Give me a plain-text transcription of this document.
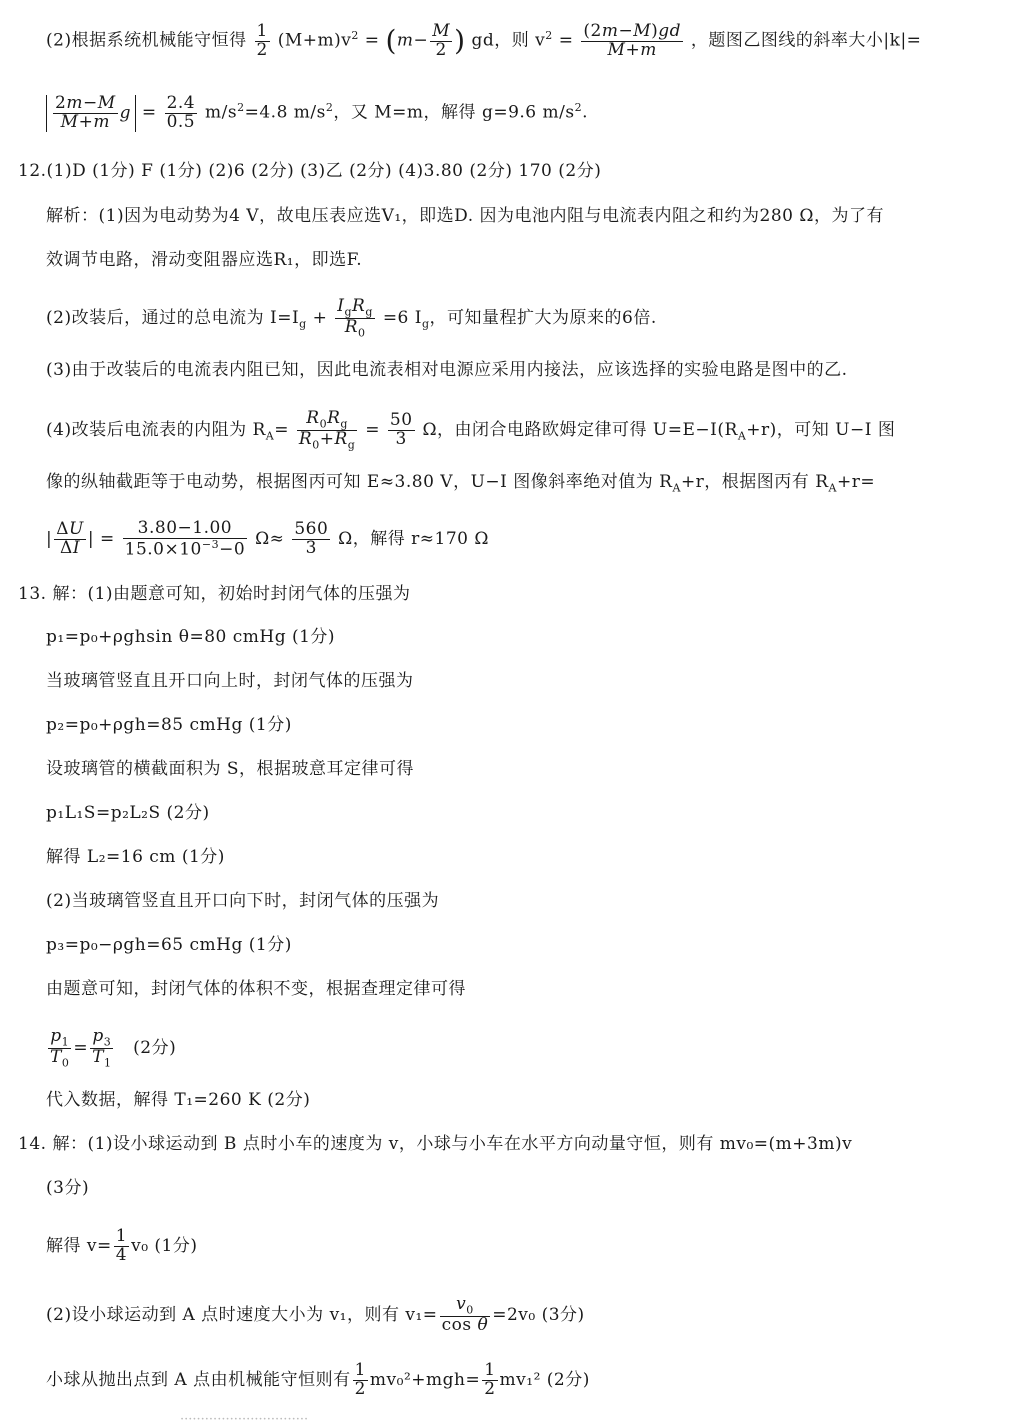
(2)根据系统机械能守恒得 $\frac{1}{2} (M+m)v^2 = (m- \frac{M}{2}$ ) gd，则 $v^2 = \frac{(2m-M)gd}{M+m}$ ，题图乙图线的斜率大小|k|=
$\frac{2m-M}{M+m}$ $g = \frac{2.4}{0.5} m/s^2=4.8$ $m/s^2$，又 M=m，解得 g=9.6 $m/s^2$.
12.(1)D (1分) F (1分) (2)6 (2分) (3)乙 (2分) (4)3.80 (2分) 170 (2分)
解析：(1)因为电动势为4 V，故电压表应选V₁，即选D. 因为电池内阻与电流表内阻之和约为280 Ω，为了有
效调节电路，滑动变阻器应选R₁，即选F.
(2)改装后，通过的总电流为 $I=I_g + \frac{I_gR_g}{R_0} =6$ $I_g$，可知量程扩大为原来的6倍.
(3)由于改装后的电流表内阻已知，因此电流表相对电源应采用内接法，应该选择的实验电路是图中的乙.
(4)改装后电流表的内阻为 $R_A= \frac{R_0R_g}{R_0+R_g} = \frac{50}{3}$ Ω，由闭合电路欧姆定律可得 $U=E-I(R_A+r)$，可知 U−I 图
像的纵轴截距等于电动势，根据图丙可知 E≈3.80 V，U−I 图像斜率绝对值为 $R_A+r$，根据图丙有 $R_A+r=$
| $\frac{\Delta U}{\Delta I}$ | = $\frac{3.80-1.00}{15.0\times 10^{-3}-0} \Omega\approx \frac{560}{3}$ Ω，解得 r≈170 Ω
13. 解：(1)由题意可知，初始时封闭气体的压强为
p₁=p₀+ρghsin θ=80 cmHg (1分)
当玻璃管竖直且开口向上时，封闭气体的压强为
p₂=p₀+ρgh=85 cmHg (1分)
设玻璃管的横截面积为 S，根据玻意耳定律可得
p₁L₁S=p₂L₂S (2分)
解得 L₂=16 cm (1分)
(2)当玻璃管竖直且开口向下时，封闭气体的压强为
p₃=p₀−ρgh=65 cmHg (1分)
由题意可知，封闭气体的体积不变，根据查理定律可得
$\frac{p_1}{T_0} = \frac{p_3}{T_1} (2$分)
代入数据，解得 T₁=260 K (2分)
14. 解：(1)设小球运动到 B 点时小车的速度为 v，小球与小车在水平方向动量守恒，则有 mv₀=(m+3m)v
(3分)
解得 $v= \frac{1}{4} v_0$ (1分)
(2)设小球运动到 A 点时速度大小为 v₁，则有 $v_1= \frac{v_0}{\text{cos θ}} =2v_0$ (3分)
小球从抛出点到 A 点由机械能守恒则有 $\frac{1}{2} mv_0^2+mgh= \frac{1}{2} mv_1^2$ (2分)
·······························
